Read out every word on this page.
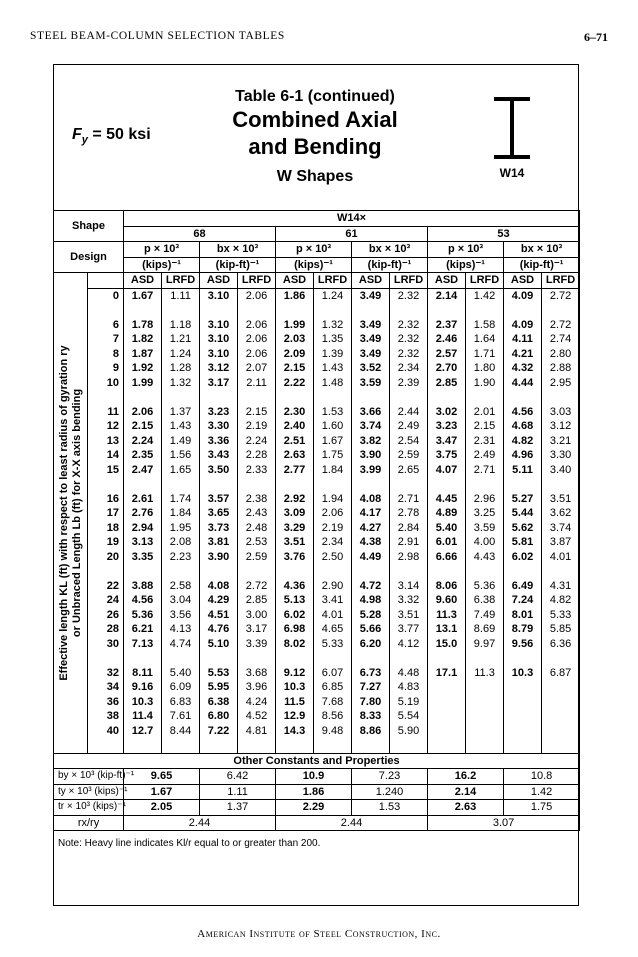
STEEL BEAM-COLUMN SELECTION TABLES	6–71
$F_y = 50$ ksi
Table 6-1 (continued)
Combined Axial
and Bending
W Shapes	W14
Shape		W14×											
		68				61				53			
Design		p × 10³		bx × 10³		p × 10³		bx × 10³		p × 10³		bx × 10³	
		(kips)⁻¹		(kip-ft)⁻¹		(kips)⁻¹		(kip-ft)⁻¹		(kips)⁻¹		(kip-ft)⁻¹	

Effective length KL (ft) with respect to least radius of gyration ry or Unbraced Length Lb (ft) for X-X axis bending		ASD	LRFD	ASD	LRFD	ASD	LRFD	ASD	LRFD	ASD	LRFD	ASD	LRFD
	0	1.67	1.11	3.10	2.06	1.86	1.24	3.49	2.32	2.14	1.42	4.09	2.72

	6	1.78	1.18	3.10	2.06	1.99	1.32	3.49	2.32	2.37	1.58	4.09	2.72
	7	1.82	1.21	3.10	2.06	2.03	1.35	3.49	2.32	2.46	1.64	4.11	2.74
	8	1.87	1.24	3.10	2.06	2.09	1.39	3.49	2.32	2.57	1.71	4.21	2.80
	9	1.92	1.28	3.12	2.07	2.15	1.43	3.52	2.34	2.70	1.80	4.32	2.88
	10	1.99	1.32	3.17	2.11	2.22	1.48	3.59	2.39	2.85	1.90	4.44	2.95

	11	2.06	1.37	3.23	2.15	2.30	1.53	3.66	2.44	3.02	2.01	4.56	3.03
	12	2.15	1.43	3.30	2.19	2.40	1.60	3.74	2.49	3.23	2.15	4.68	3.12
	13	2.24	1.49	3.36	2.24	2.51	1.67	3.82	2.54	3.47	2.31	4.82	3.21
	14	2.35	1.56	3.43	2.28	2.63	1.75	3.90	2.59	3.75	2.49	4.96	3.30
	15	2.47	1.65	3.50	2.33	2.77	1.84	3.99	2.65	4.07	2.71	5.11	3.40

	16	2.61	1.74	3.57	2.38	2.92	1.94	4.08	2.71	4.45	2.96	5.27	3.51
	17	2.76	1.84	3.65	2.43	3.09	2.06	4.17	2.78	4.89	3.25	5.44	3.62
	18	2.94	1.95	3.73	2.48	3.29	2.19	4.27	2.84	5.40	3.59	5.62	3.74
	19	3.13	2.08	3.81	2.53	3.51	2.34	4.38	2.91	6.01	4.00	5.81	3.87
	20	3.35	2.23	3.90	2.59	3.76	2.50	4.49	2.98	6.66	4.43	6.02	4.01

	22	3.88	2.58	4.08	2.72	4.36	2.90	4.72	3.14	8.06	5.36	6.49	4.31
	24	4.56	3.04	4.29	2.85	5.13	3.41	4.98	3.32	9.60	6.38	7.24	4.82
	26	5.36	3.56	4.51	3.00	6.02	4.01	5.28	3.51	11.3	7.49	8.01	5.33
	28	6.21	4.13	4.76	3.17	6.98	4.65	5.66	3.77	13.1	8.69	8.79	5.85
	30	7.13	4.74	5.10	3.39	8.02	5.33	6.20	4.12	15.0	9.97	9.56	6.36

	32	8.11	5.40	5.53	3.68	9.12	6.07	6.73	4.48	17.1	11.3	10.3	6.87
	34	9.16	6.09	5.95	3.96	10.3	6.85	7.27	4.83				
	36	10.3	6.83	6.38	4.24	11.5	7.68	7.80	5.19				
	38	11.4	7.61	6.80	4.52	12.9	8.56	8.33	5.54				
	40	12.7	8.44	7.22	4.81	14.3	9.48	8.86	5.90				

Other Constants and Properties													
by × 10³ (kip-ft)⁻¹		9.65		6.42		10.9		7.23		16.2		10.8	
ty × 10³ (kips)⁻¹		1.67		1.11		1.86		1.240		2.14		1.42	
tr × 10³ (kips)⁻¹		2.05		1.37		2.29		1.53		2.63		1.75	
rx/ry		2.44				2.44				3.07			
Note: Heavy line indicates Kl/r equal to or greater than 200.
American Institute of Steel Construction, Inc.
